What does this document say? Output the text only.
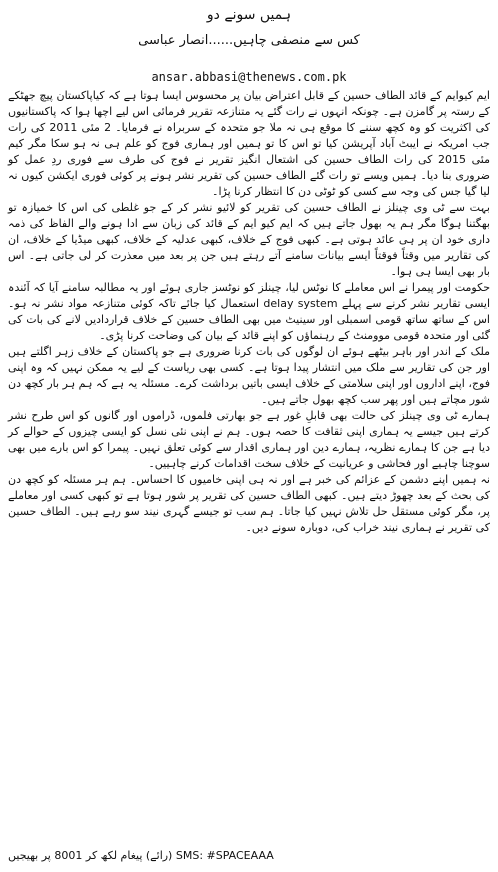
ہمیں سونے دو
کس سے منصفی چاہیں......انصار عباسی
ansar.abbasi@thenews.com.pk

ایم کیوایم کے قائد الطاف حسین کے قابل اعتراض بیان پر محسوس ایسا ہوتا ہے کہ کیاپاکستان پیچ جھٹکے کے رستہ پر گامزن ہے۔ چونکہ انہوں نے رات گئے یہ متنازعہ تقریر فرمائی اس لیے اچھا ہوا کہ پاکستانیوں کی اکثریت کو وہ کچھ سننے کا موقع ہی نہ ملا جو متحدہ کے سربراہ نے فرمایا۔ 2 مئی 2011 کی رات جب امریکہ نے ایبٹ آباد آپریشن کیا تو اس کا تو ہمیں اور ہماری فوج کو علم ہی نہ ہو سکا مگر کیم مئی 2015 کی رات الطاف حسین کی اشتعال انگیز تقریر نے فوج کی طرف سے فوری ردِ عمل کو ضروری بنا دیا۔ ہمیں ویسے تو رات گئے الطاف حسین کی تقریر نشر ہونے پر کوئی فوری ایکشن کیوں نہ لیا گیا جس کی وجہ سے کسی کو ٹوٹی دن کا انتظار کرنا پڑا۔

بہت سے ٹی وی چینلز نے الطاف حسین کی تقریر کو لائیو نشر کر کے جو غلطی کی اس کا خمیازہ تو بھگتنا ہوگا مگر ہم یہ بھول جاتے ہیں کہ ایم کیو ایم کے قائد کی زبان سے ادا ہونے والے الفاظ کی ذمہ داری خود ان پر ہی عائد ہوتی ہے۔ کبھی فوج کے خلاف، کبھی عدلیہ کے خلاف، کبھی میڈیا کے خلاف، ان کی تقاریر میں وقتاً فوقتاً ایسے بیانات سامنے آتے رہتے ہیں جن پر بعد میں معذرت کر لی جاتی ہے۔ اس بار بھی ایسا ہی ہوا۔

حکومت اور پیمرا نے اس معاملے کا نوٹس لیا، چینلز کو نوٹسز جاری ہوئے اور یہ مطالبہ سامنے آیا کہ آئندہ ایسی تقاریر نشر کرنے سے پہلے delay system استعمال کیا جائے تاکہ کوئی متنازعہ مواد نشر نہ ہو۔ اس کے ساتھ ساتھ قومی اسمبلی اور سینیٹ میں بھی الطاف حسین کے خلاف قراردادیں لانے کی بات کی گئی اور متحدہ قومی موومنٹ کے رہنماؤں کو اپنے قائد کے بیان کی وضاحت کرنا پڑی۔

ملک کے اندر اور باہر بیٹھے ہوئے ان لوگوں کی بات کرنا ضروری ہے جو پاکستان کے خلاف زہر اگلتے ہیں اور جن کی تقاریر سے ملک میں انتشار پیدا ہوتا ہے۔ کسی بھی ریاست کے لیے یہ ممکن نہیں کہ وہ اپنی فوج، اپنے اداروں اور اپنی سلامتی کے خلاف ایسی باتیں برداشت کرے۔ مسئلہ یہ ہے کہ ہم ہر بار کچھ دن شور مچاتے ہیں اور پھر سب کچھ بھول جاتے ہیں۔

ہمارے ٹی وی چینلز کی حالت بھی قابلِ غور ہے جو بھارتی فلموں، ڈراموں اور گانوں کو اس طرح نشر کرتے ہیں جیسے یہ ہماری اپنی ثقافت کا حصہ ہوں۔ ہم نے اپنی نئی نسل کو ایسی چیزوں کے حوالے کر دیا ہے جن کا ہمارے نظریہ، ہمارے دین اور ہماری اقدار سے کوئی تعلق نہیں۔ پیمرا کو اس بارے میں بھی سوچنا چاہیے اور فحاشی و عریانیت کے خلاف سخت اقدامات کرنے چاہییں۔

نہ ہمیں اپنے دشمن کے عزائم کی خبر ہے اور نہ ہی اپنی خامیوں کا احساس۔ ہم ہر مسئلہ کو کچھ دن کی بحث کے بعد چھوڑ دیتے ہیں۔ کبھی الطاف حسین کی تقریر پر شور ہوتا ہے تو کبھی کسی اور معاملے پر، مگر کوئی مستقل حل تلاش نہیں کیا جاتا۔ ہم سب تو جیسے گہری نیند سو رہے ہیں۔ الطاف حسین کی تقریر نے ہماری نیند خراب کی، دوبارہ سونے دیں۔

SMS: #SPACEAAA (رائے) پیغام لکھ کر 8001 پر بھیجیں
